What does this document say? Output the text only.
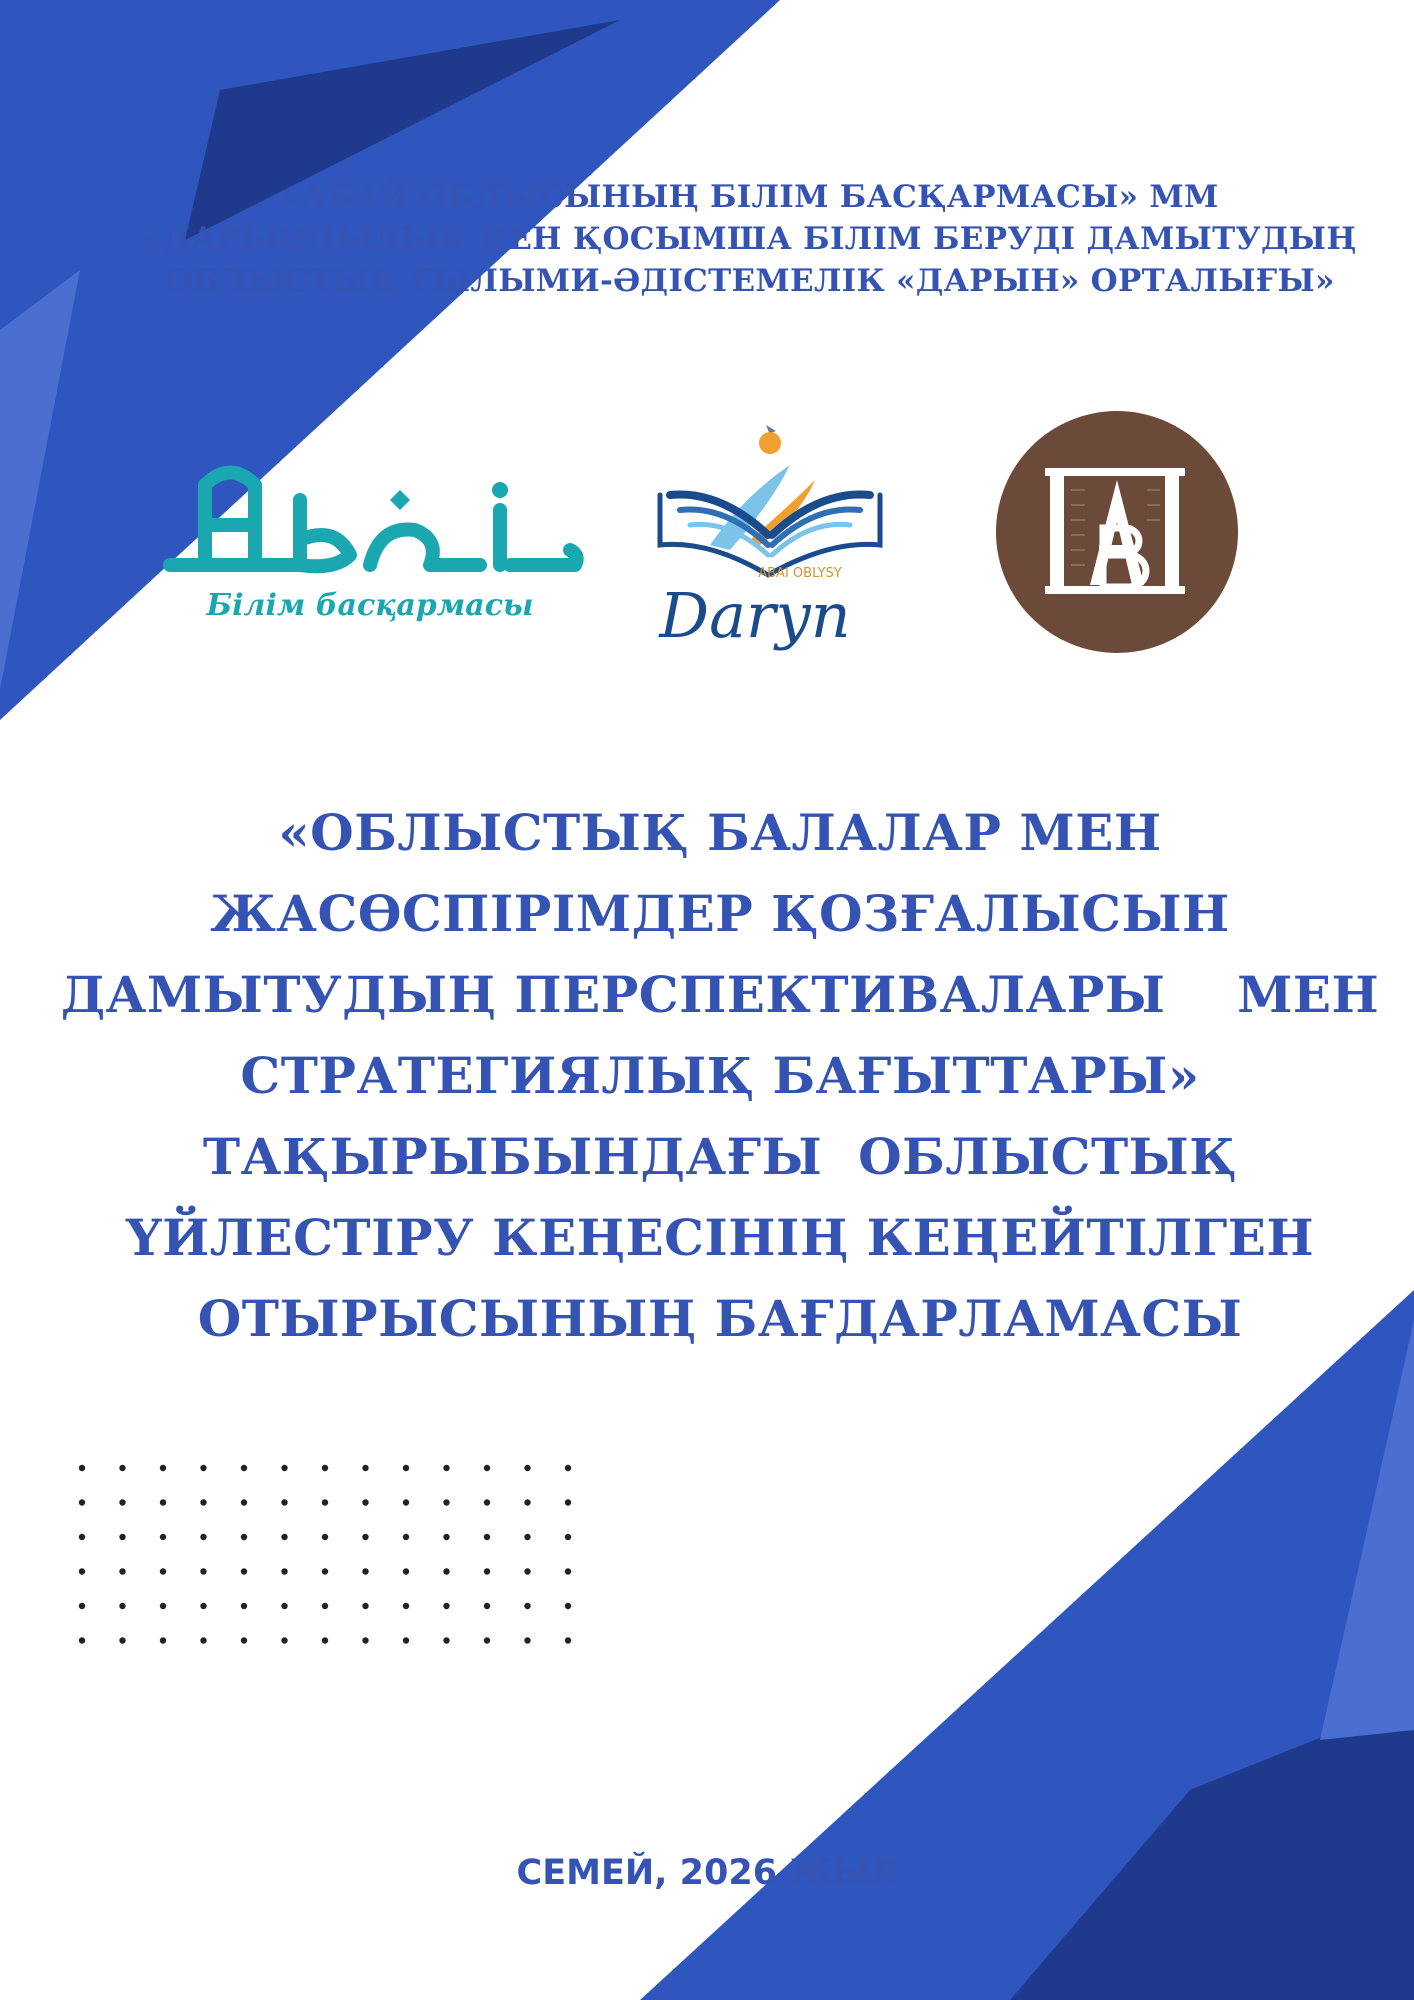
«АБАЙ ОБЛЫСЫНЫҢ БІЛІМ БАСҚАРМАСЫ» ММ
«ДАРЫНДЫЛЫҚ ПЕН ҚОСЫМША БІЛІМ БЕРУДІ ДАМЫТУДЫҢ
ОБЛЫСТЫҚ ҒЫЛЫМИ-ӘДІСТЕМЕЛІК «ДАРЫН» ОРТАЛЫҒЫ»
Білім басқармасы
ABAI OBLYSY
Daryn
«ОБЛЫСТЫҚ БАЛАЛАР МЕН
ЖАСӨСПІРІМДЕР ҚОЗҒАЛЫСЫН
ДАМЫТУДЫҢ ПЕРСПЕКТИВАЛАРЫ    МЕН
СТРАТЕГИЯЛЫҚ БАҒЫТТАРЫ»
ТАҚЫРЫБЫНДАҒЫ  ОБЛЫСТЫҚ
ҮЙЛЕСТІРУ КЕҢЕСІНІҢ КЕҢЕЙТІЛГЕН
ОТЫРЫСЫНЫҢ БАҒДАРЛАМАСЫ
СЕМЕЙ, 2026 ЖЫЛ
